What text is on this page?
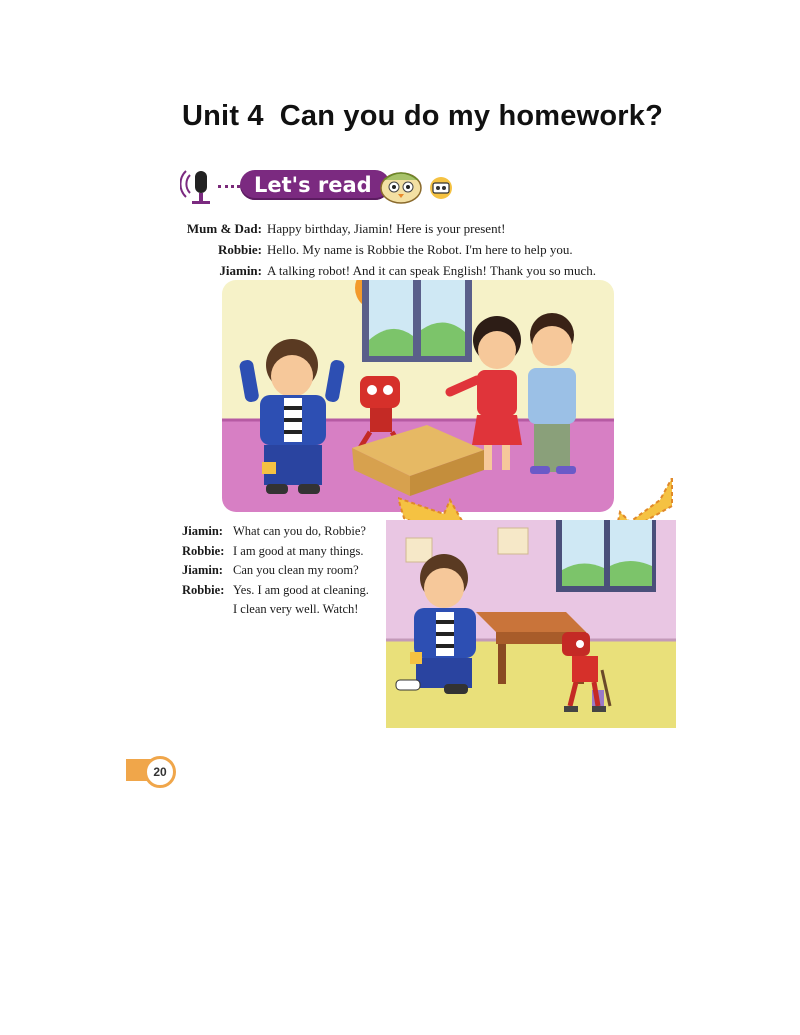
Unit 4 Can you do my homework?
Let's read
Mum & Dad: Happy birthday, Jiamin! Here is your present!
Robbie: Hello. My name is Robbie the Robot. I'm here to help you.
Jiamin: A talking robot! And it can speak English! Thank you so much.
Jiamin: What can you do, Robbie?
Robbie: I am good at many things.
Jiamin: Can you clean my room?
Robbie: Yes. I am good at cleaning.
I clean very well. Watch!
20
